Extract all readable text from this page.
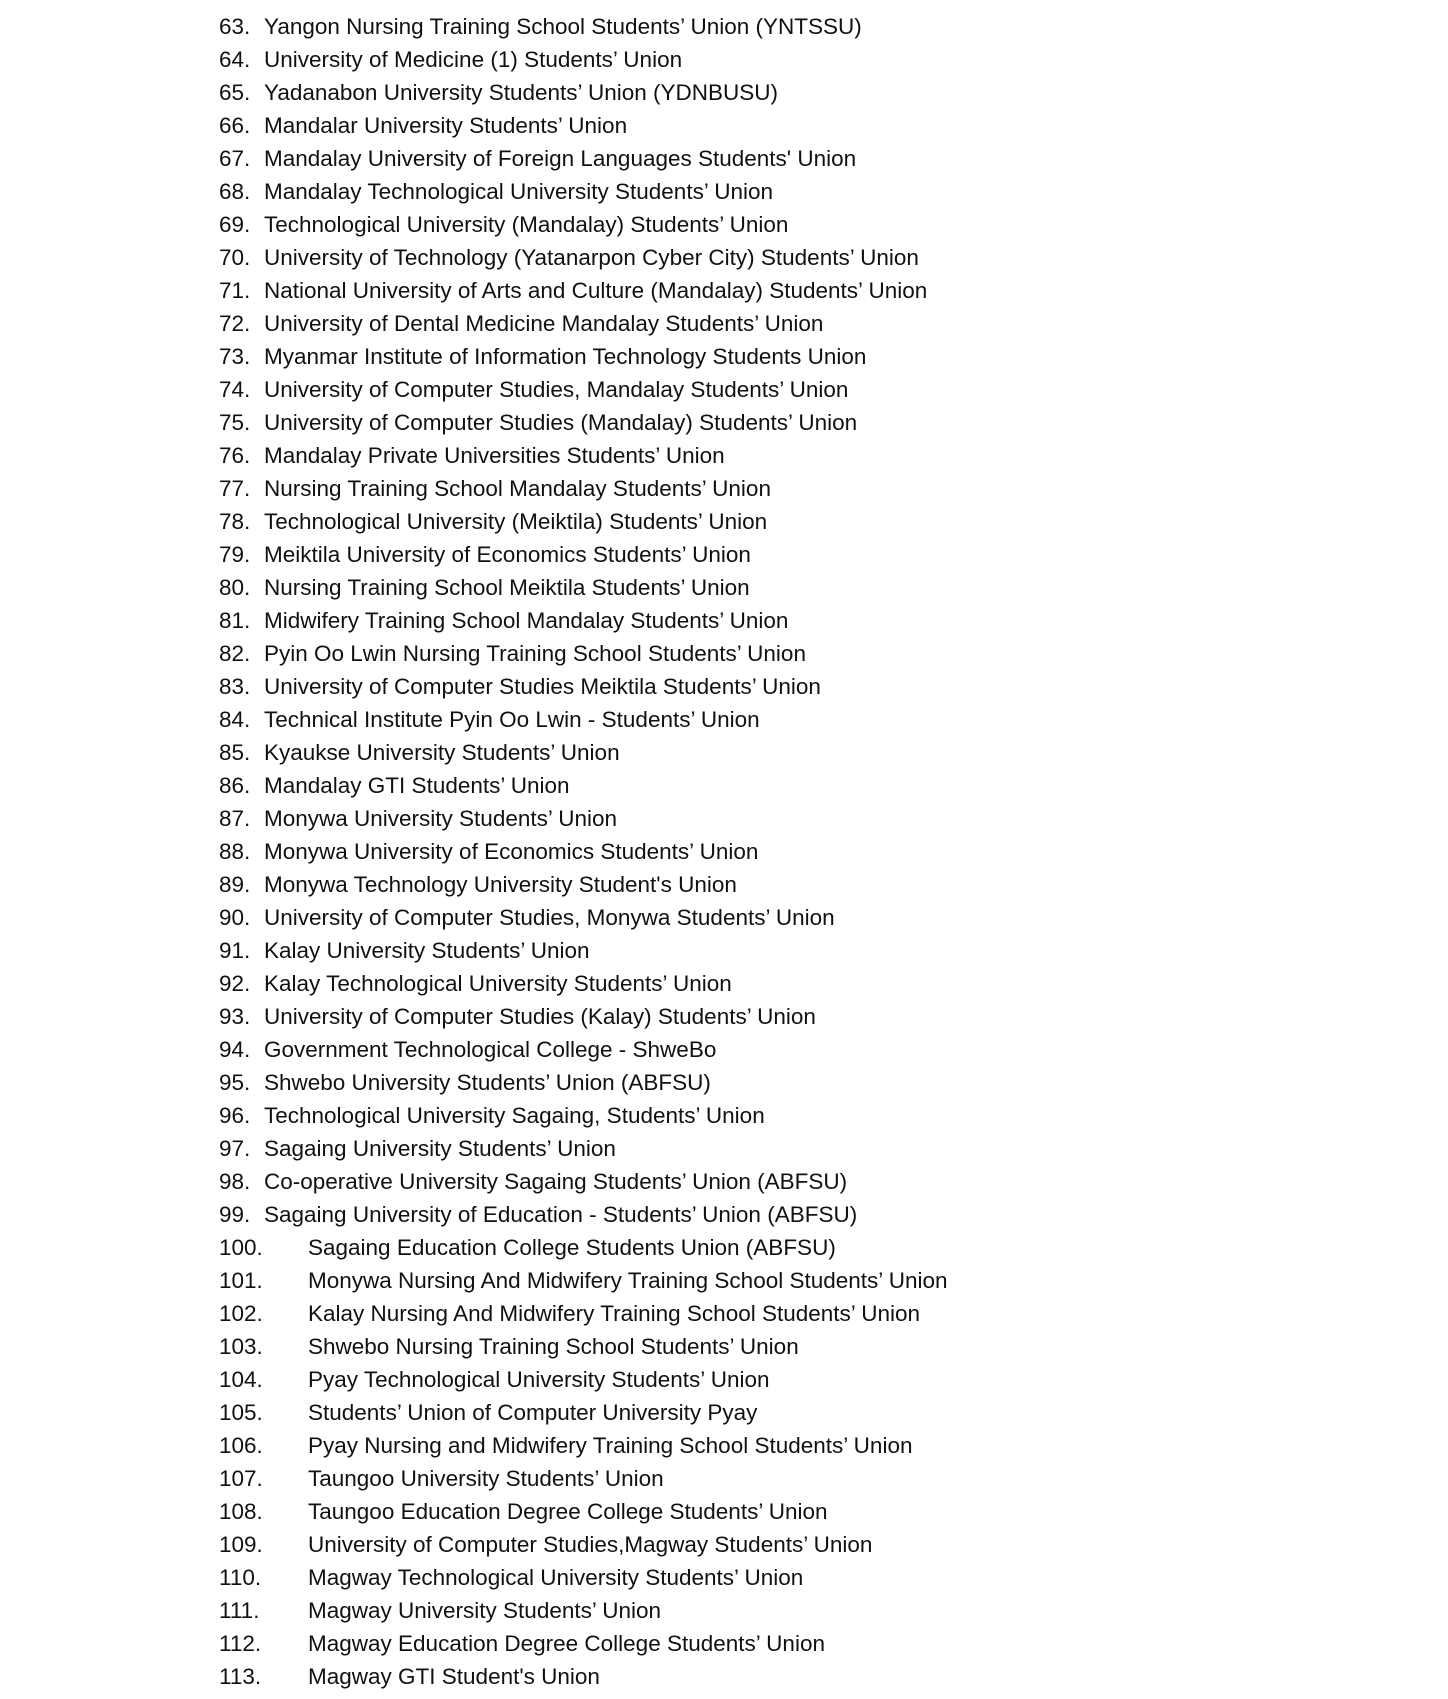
63. Yangon Nursing Training School Students’ Union (YNTSSU)
64. University of Medicine (1) Students’ Union
65. Yadanabon University Students’ Union (YDNBUSU)
66. Mandalar University Students’ Union
67. Mandalay University of Foreign Languages Students' Union
68. Mandalay Technological University Students’ Union
69. Technological University (Mandalay) Students’ Union
70. University of Technology (Yatanarpon Cyber City) Students’ Union
71. National University of Arts and Culture (Mandalay) Students’ Union
72. University of Dental Medicine Mandalay Students’ Union
73. Myanmar Institute of Information Technology Students Union
74. University of Computer Studies, Mandalay Students’ Union
75. University of Computer Studies (Mandalay) Students’ Union
76. Mandalay Private Universities Students’ Union
77. Nursing Training School Mandalay Students’ Union
78. Technological University (Meiktila) Students’ Union
79. Meiktila University of Economics Students’ Union
80. Nursing Training School Meiktila Students’ Union
81. Midwifery Training School Mandalay Students’ Union
82. Pyin Oo Lwin Nursing Training School Students’ Union
83. University of Computer Studies Meiktila Students’ Union
84. Technical Institute Pyin Oo Lwin - Students’ Union
85. Kyaukse University Students’ Union
86. Mandalay GTI Students’ Union
87. Monywa University Students’ Union
88. Monywa University of Economics Students’ Union
89. Monywa Technology University Student's Union
90. University of Computer Studies, Monywa Students’ Union
91. Kalay University Students’ Union
92. Kalay Technological University Students’ Union
93. University of Computer Studies (Kalay) Students’ Union
94. Government Technological College - ShweBo
95. Shwebo University Students’ Union (ABFSU)
96. Technological University Sagaing, Students’ Union
97. Sagaing University Students’ Union
98. Co-operative University Sagaing Students’ Union (ABFSU)
99. Sagaing University of Education - Students’ Union (ABFSU)
100.	Sagaing Education College Students Union (ABFSU)
101.	Monywa Nursing And Midwifery Training School Students’ Union
102.	Kalay Nursing And Midwifery Training School Students’ Union
103.	Shwebo Nursing Training School Students’ Union
104.	Pyay Technological University Students’ Union
105.	Students’ Union of Computer University Pyay
106.	Pyay Nursing and Midwifery Training School Students’ Union
107.	Taungoo University Students’ Union
108.	Taungoo Education Degree College Students’ Union
109.	University of Computer Studies,Magway Students’ Union
110.	Magway Technological University Students’ Union
111.	Magway University Students’ Union
112.	Magway Education Degree College Students’ Union
113.	Magway GTI Student's Union
